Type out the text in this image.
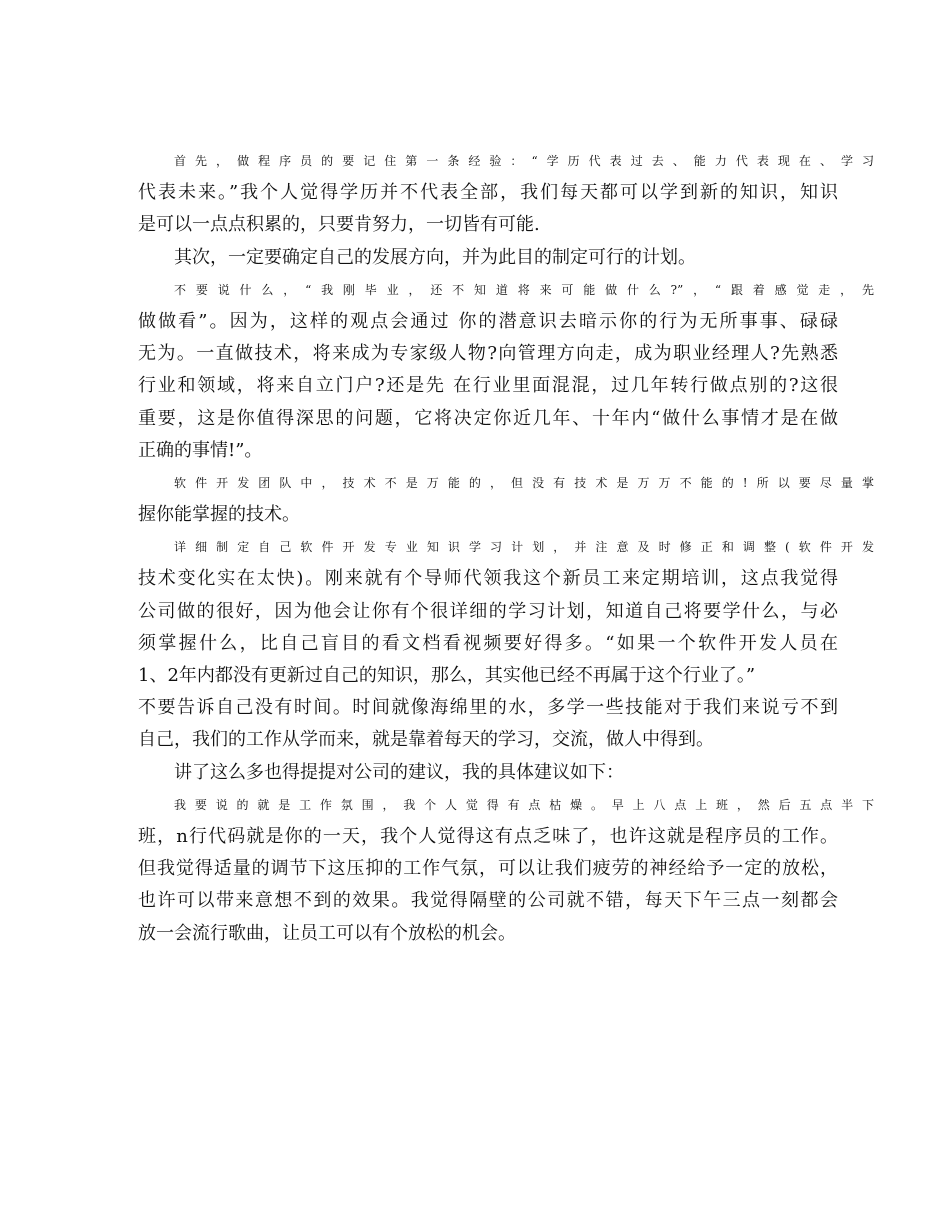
首先，做程序员的要记住第一条经验：“学历代表过去、能力代表现在、学习
代表未来。”我个人觉得学历并不代表全部，我们每天都可以学到新的知识，知识
是可以一点点积累的，只要肯努力，一切皆有可能.
其次，一定要确定自己的发展方向，并为此目的制定可行的计划。
不要说什么，“我刚毕业，还不知道将来可能做什么?”，“跟着感觉走，先
做做看”。因为，这样的观点会通过 你的潜意识去暗示你的行为无所事事、碌碌
无为。一直做技术，将来成为专家级人物?向管理方向走，成为职业经理人?先熟悉
行业和领域，将来自立门户?还是先 在行业里面混混，过几年转行做点别的?这很
重要，这是你值得深思的问题，它将决定你近几年、十年内“做什么事情才是在做
正确的事情!”。
软件开发团队中，技术不是万能的，但没有技术是万万不能的!所以要尽量掌
握你能掌握的技术。
详细制定自己软件开发专业知识学习计划，并注意及时修正和调整(软件开发
技术变化实在太快)。刚来就有个导师代领我这个新员工来定期培训，这点我觉得
公司做的很好，因为他会让你有个很详细的学习计划，知道自己将要学什么，与必
须掌握什么，比自己盲目的看文档看视频要好得多。“如果一个软件开发人员在
1、2年内都没有更新过自己的知识，那么，其实他已经不再属于这个行业了。”
不要告诉自己没有时间。时间就像海绵里的水，多学一些技能对于我们来说亏不到
自己，我们的工作从学而来，就是靠着每天的学习，交流，做人中得到。
讲了这么多也得提提对公司的建议，我的具体建议如下：
我要说的就是工作氛围，我个人觉得有点枯燥。早上八点上班，然后五点半下
班，n行代码就是你的一天，我个人觉得这有点乏味了，也许这就是程序员的工作。
但我觉得适量的调节下这压抑的工作气氛，可以让我们疲劳的神经给予一定的放松，
也许可以带来意想不到的效果。我觉得隔壁的公司就不错，每天下午三点一刻都会
放一会流行歌曲，让员工可以有个放松的机会。
